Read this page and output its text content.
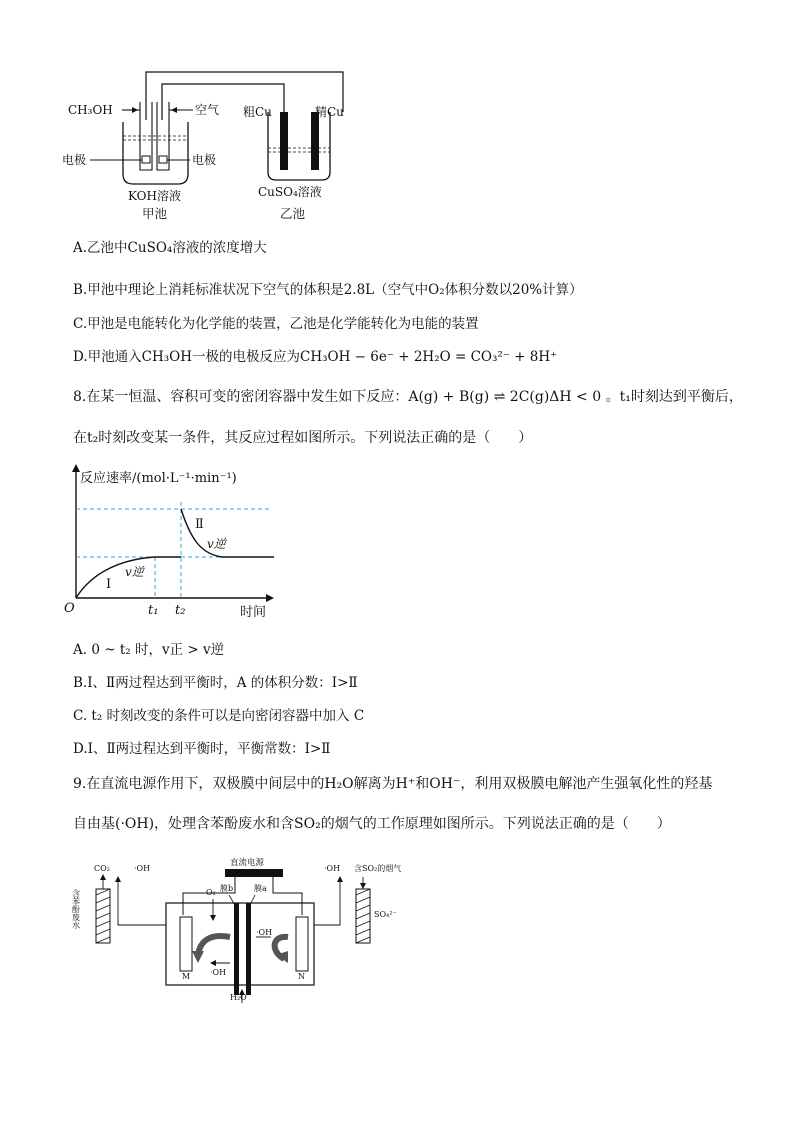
CH₃OH	空气 粗Cu	精Cu
电极	电极
KOH溶液
甲池
CuSO₄溶液
乙池
A.乙池中CuSO₄溶液的浓度增大
B.甲池中理论上消耗标准状况下空气的体积是2.8L（空气中O₂体积分数以20%计算）
C.甲池是电能转化为化学能的装置，乙池是化学能转化为电能的装置
D.甲池通入CH₃OH一极的电极反应为CH₃OH − 6e⁻ + 2H₂O = CO₃²⁻ + 8H⁺
8.在某一恒温、容积可变的密闭容器中发生如下反应：A(g) + B(g) ⇌ 2C(g)ΔH < 0 。t₁时刻达到平衡后，
在t₂时刻改变某一条件，其反应过程如图所示。下列说法正确的是（　　）
反应速率/(mol·L⁻¹·min⁻¹)
O	t₁ t₂	时间
Ⅰ
Ⅱ
v逆
v逆
A. 0 ~ t₂ 时，v正 > v逆
B.Ⅰ、Ⅱ两过程达到平衡时，A 的体积分数：Ⅰ>Ⅱ
C. t₂ 时刻改变的条件可以是向密闭容器中加入 C
D.Ⅰ、Ⅱ两过程达到平衡时，平衡常数：Ⅰ>Ⅱ
9.在直流电源作用下，双极膜中间层中的H₂O解离为H⁺和OH⁻，利用双极膜电解池产生强氧化性的羟基
自由基(·OH)，处理含苯酚废水和含SO₂的烟气的工作原理如图所示。下列说法正确的是（　　）
直流电源
CO₂	·OH
O₂ 膜b	膜a
·OH 含SO₂的烟气
含苯酚废水
·OH
·OH
SO₄²⁻
M	N
H₂O
